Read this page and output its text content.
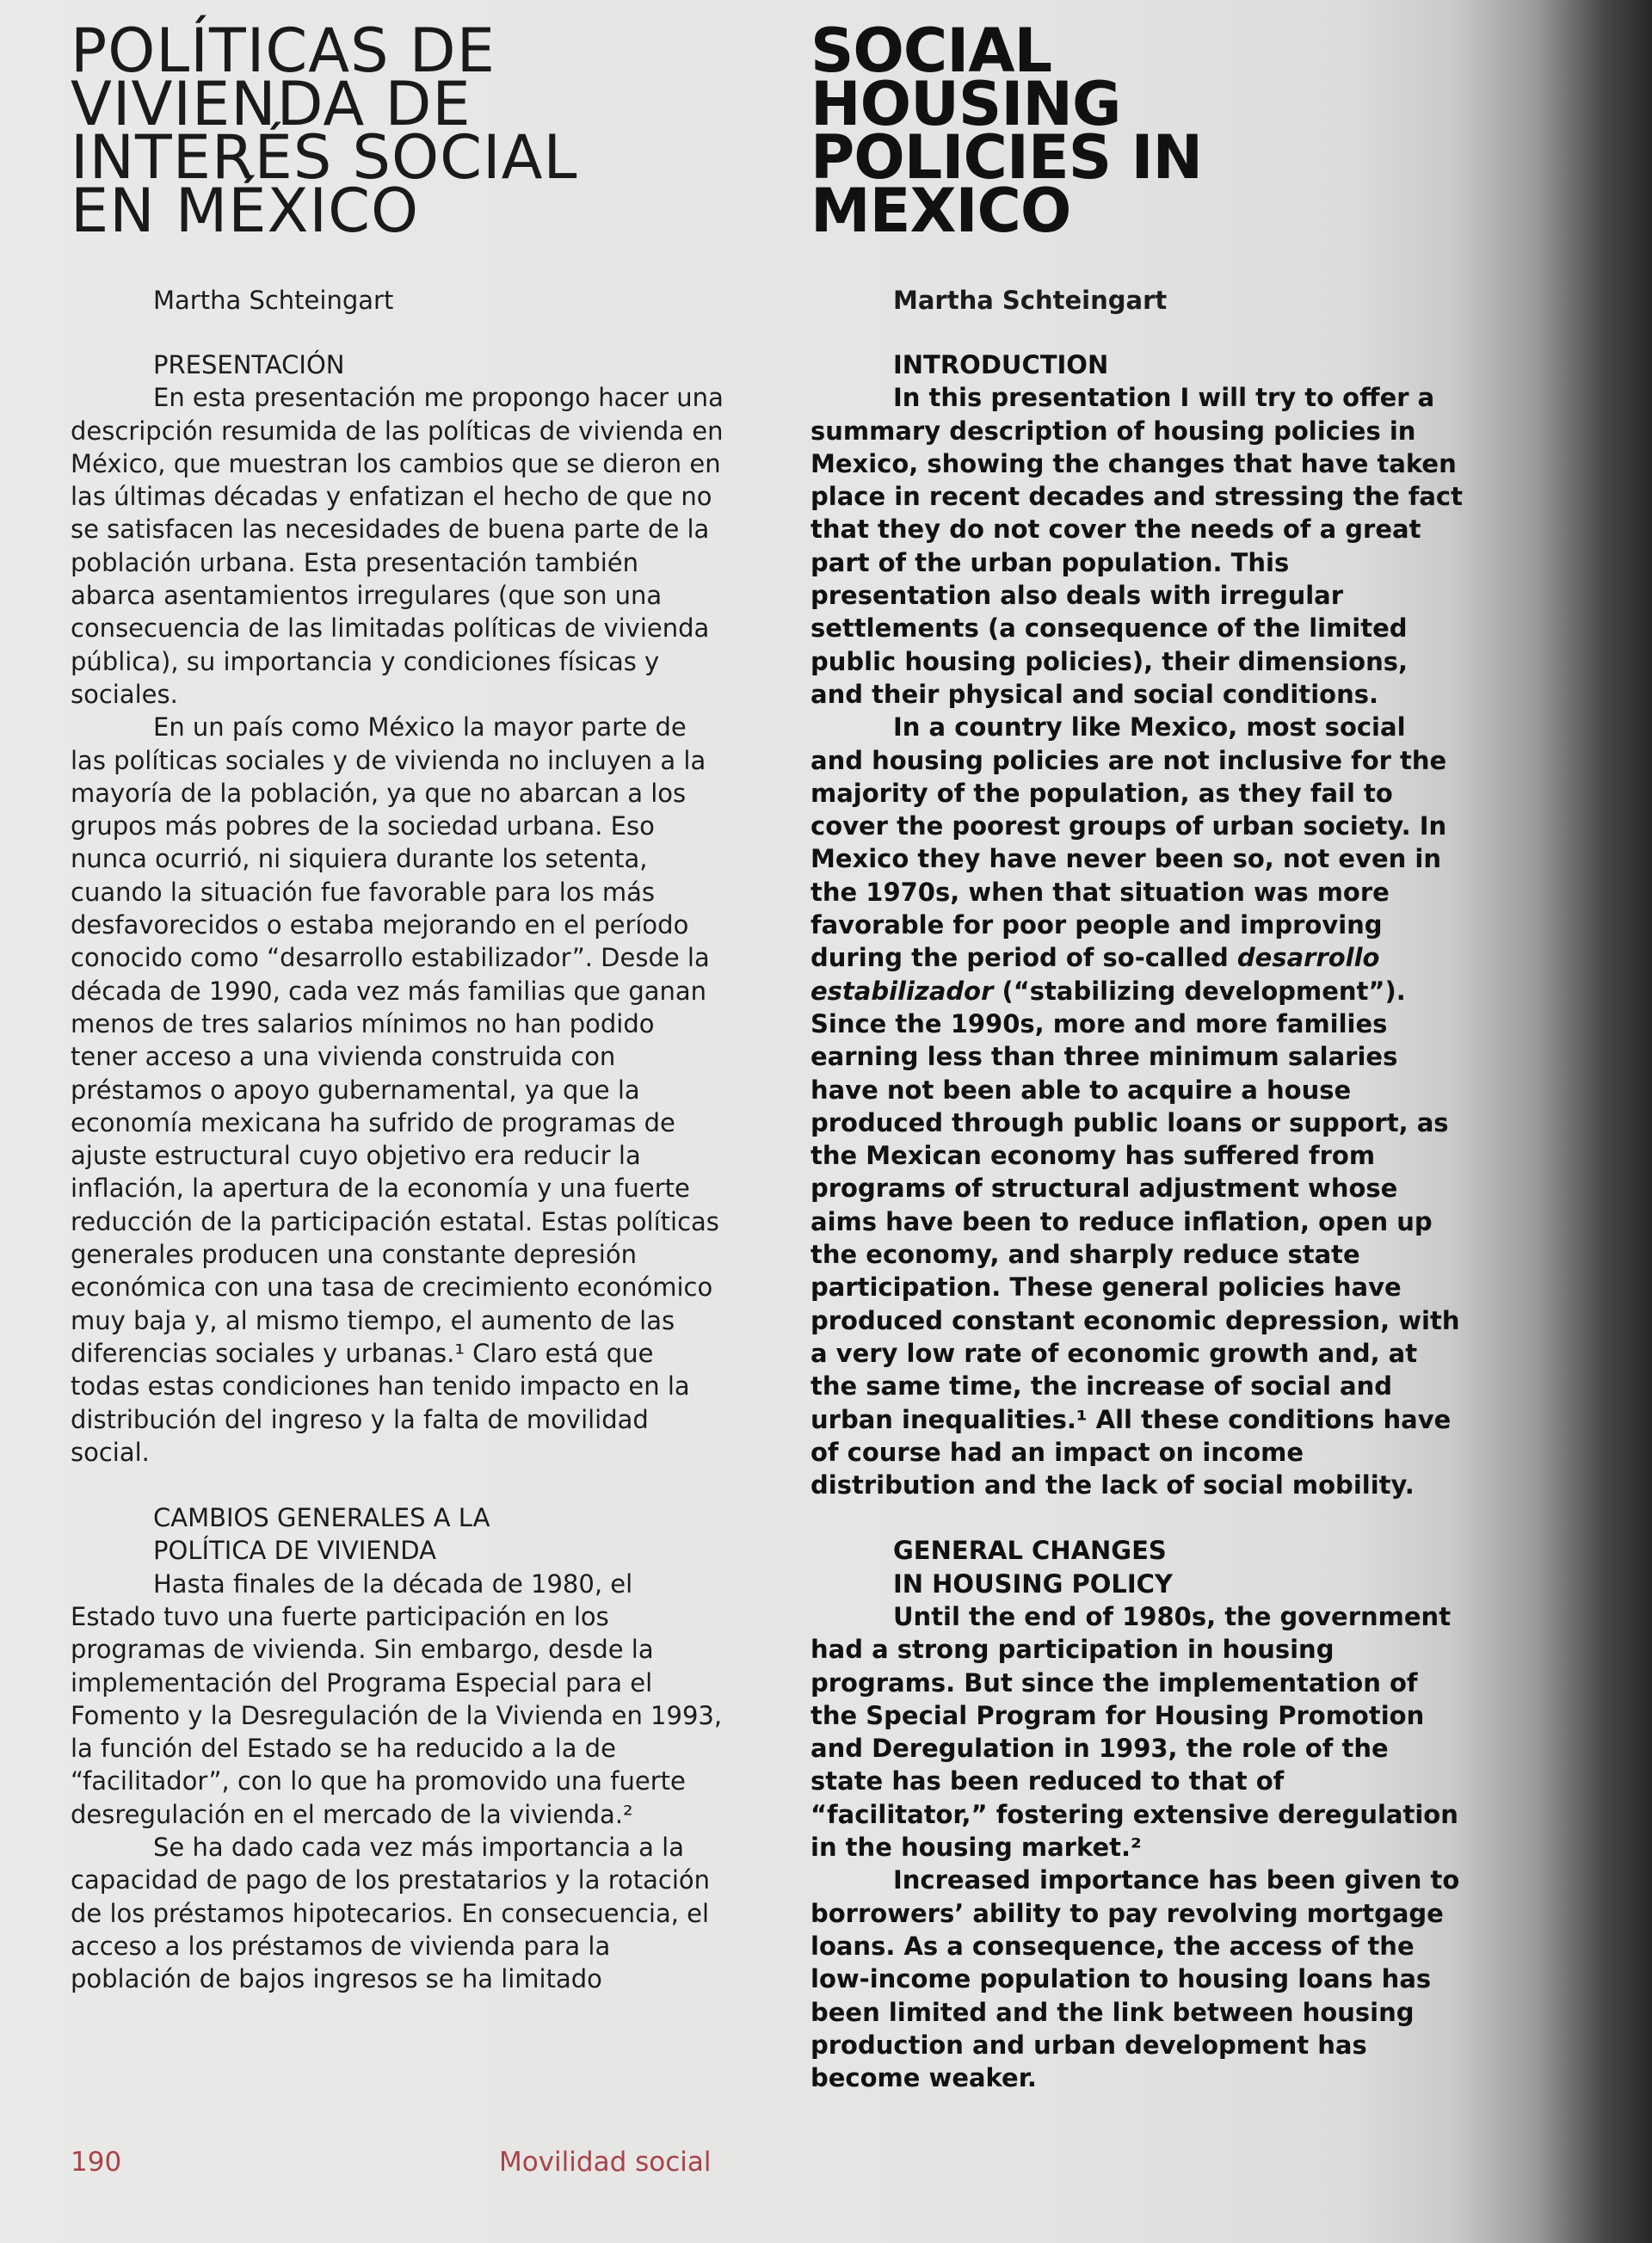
POLÍTICAS DE
VIVIENDA DE
INTERÉS SOCIAL
EN MÉXICO

Martha Schteingart

PRESENTACIÓN

En esta presentación me propongo hacer una descripción resumida de las políticas de vivienda en México, que muestran los cambios que se dieron en las últimas décadas y enfatizan el hecho de que no se satisfacen las necesidades de buena parte de la población urbana. Esta presentación también abarca asentamientos irregulares (que son una consecuencia de las limitadas políticas de vivienda pública), su importancia y condiciones físicas y sociales.

En un país como México la mayor parte de las políticas sociales y de vivienda no incluyen a la mayoría de la población, ya que no abarcan a los grupos más pobres de la sociedad urbana. Eso nunca ocurrió, ni siquiera durante los setenta, cuando la situación fue favorable para los más desfavorecidos o estaba mejorando en el período conocido como “desarrollo estabilizador”. Desde la década de 1990, cada vez más familias que ganan menos de tres salarios mínimos no han podido tener acceso a una vivienda construida con préstamos o apoyo gubernamental, ya que la economía mexicana ha sufrido de programas de ajuste estructural cuyo objetivo era reducir la inflación, la apertura de la economía y una fuerte reducción de la participación estatal. Estas políticas generales producen una constante depresión económica con una tasa de crecimiento económico muy baja y, al mismo tiempo, el aumento de las diferencias sociales y urbanas.¹ Claro está que todas estas condiciones han tenido impacto en la distribución del ingreso y la falta de movilidad social.

CAMBIOS GENERALES A LA
POLÍTICA DE VIVIENDA

Hasta finales de la década de 1980, el Estado tuvo una fuerte participación en los programas de vivienda. Sin embargo, desde la implementación del Programa Especial para el Fomento y la Desregulación de la Vivienda en 1993, la función del Estado se ha reducido a la de “facilitador”, con lo que ha promovido una fuerte desregulación en el mercado de la vivienda.²

Se ha dado cada vez más importancia a la capacidad de pago de los prestatarios y la rotación de los préstamos hipotecarios. En consecuencia, el acceso a los préstamos de vivienda para la población de bajos ingresos se ha limitado

SOCIAL
HOUSING
POLICIES IN
MEXICO

Martha Schteingart

INTRODUCTION

In this presentation I will try to offer a summary description of housing policies in Mexico, showing the changes that have taken place in recent decades and stressing the fact that they do not cover the needs of a great part of the urban population. This presentation also deals with irregular settlements (a consequence of the limited public housing policies), their dimensions, and their physical and social conditions.

In a country like Mexico, most social and housing policies are not inclusive for the majority of the population, as they fail to cover the poorest groups of urban society. In Mexico they have never been so, not even in the 1970s, when that situation was more favorable for poor people and improving during the period of so-called desarrollo estabilizador (“stabilizing development”). Since the 1990s, more and more families earning less than three minimum salaries have not been able to acquire a house produced through public loans or support, as the Mexican economy has suffered from programs of structural adjustment whose aims have been to reduce inflation, open up the economy, and sharply reduce state participation. These general policies have produced constant economic depression, with a very low rate of economic growth and, at the same time, the increase of social and urban inequalities.¹ All these conditions have of course had an impact on income distribution and the lack of social mobility.

GENERAL CHANGES
IN HOUSING POLICY

Until the end of 1980s, the government had a strong participation in housing programs. But since the implementation of the Special Program for Housing Promotion and Deregulation in 1993, the role of the state has been reduced to that of “facilitator,” fostering extensive deregulation in the housing market.²

Increased importance has been given to borrowers’ ability to pay revolving mortgage loans. As a consequence, the access of the low-income population to housing loans has been limited and the link between housing production and urban development has become weaker.

190	Movilidad social
